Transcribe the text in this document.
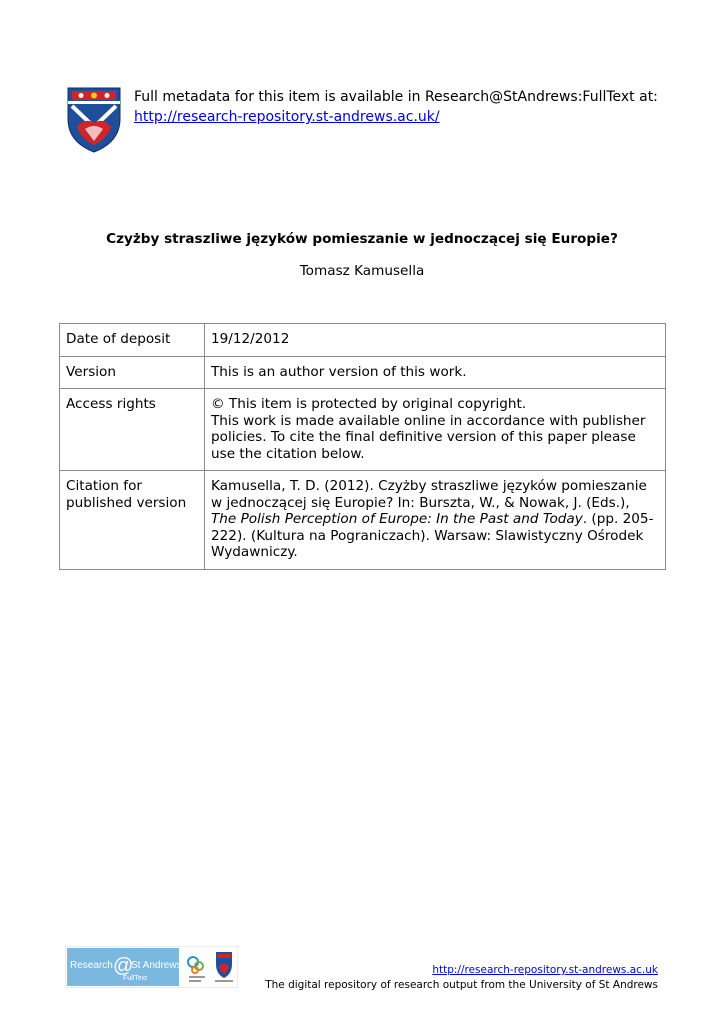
Full metadata for this item is available in Research@StAndrews:FullText at:
http://research-repository.st-andrews.ac.uk/
Czyżby straszliwe języków pomieszanie w jednoczącej się Europie?
Tomasz Kamusella
Date of deposit	19/12/2012
Version	This is an author version of this work.
Access rights	© This item is protected by original copyright.
This work is made available online in accordance with publisher policies. To cite the final definitive version of this paper please use the citation below.

Citation for published version	Kamusella, T. D. (2012). Czyżby straszliwe języków pomieszanie w jednoczącej się Europie? In: Burszta, W., & Nowak, J. (Eds.), The Polish Perception of Europe: In the Past and Today. (pp. 205-222). (Kultura na Pograniczach). Warsaw: Slawistyczny Ośrodek Wydawniczy.
Research @
St Andrews
FullText
http://research-repository.st-andrews.ac.uk
The digital repository of research output from the University of St Andrews
